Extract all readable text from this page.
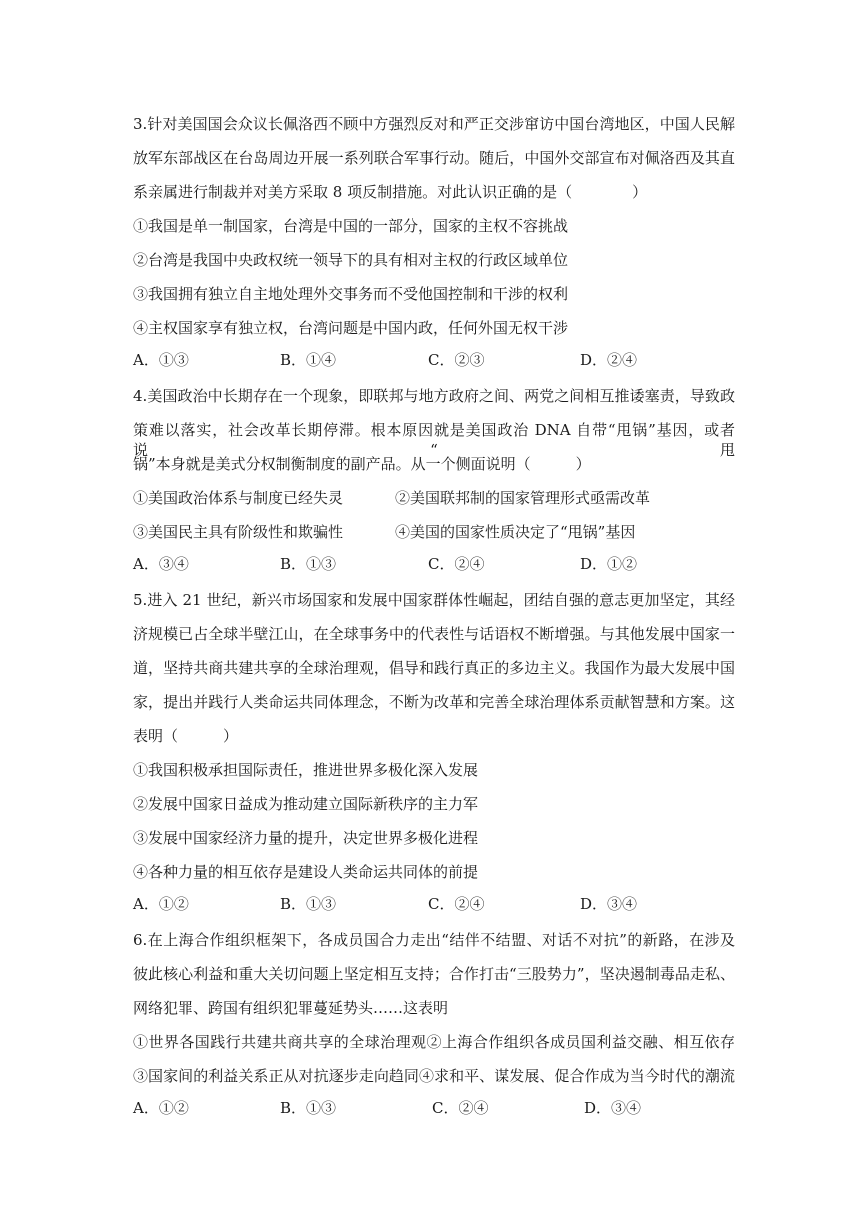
3.针对美国国会众议长佩洛西不顾中方强烈反对和严正交涉窜访中国台湾地区，中国人民解
放军东部战区在台岛周边开展一系列联合军事行动。随后，中国外交部宣布对佩洛西及其直
系亲属进行制裁并对美方采取 8 项反制措施。对此认识正确的是（　　　　）
①我国是单一制国家，台湾是中国的一部分，国家的主权不容挑战
②台湾是我国中央政权统一领导下的具有相对主权的行政区域单位
③我国拥有独立自主地处理外交事务而不受他国控制和干涉的权利
④主权国家享有独立权，台湾问题是中国内政，任何外国无权干涉
A．①③	B．①④	C．②③	D．②④
4.美国政治中长期存在一个现象，即联邦与地方政府之间、两党之间相互推诿塞责，导致政
策难以落实，社会改革长期停滞。根本原因就是美国政治 DNA 自带“甩锅”基因，或者说“甩
锅”本身就是美式分权制衡制度的副产品。从一个侧面说明（　　　）
①美国政治体系与制度已经失灵	②美国联邦制的国家管理形式亟需改革
③美国民主具有阶级性和欺骗性	④美国的国家性质决定了“甩锅”基因
A．③④	B．①③	C．②④	D．①②
5.进入 21 世纪，新兴市场国家和发展中国家群体性崛起，团结自强的意志更加坚定，其经
济规模已占全球半壁江山，在全球事务中的代表性与话语权不断增强。与其他发展中国家一
道，坚持共商共建共享的全球治理观，倡导和践行真正的多边主义。我国作为最大发展中国
家，提出并践行人类命运共同体理念，不断为改革和完善全球治理体系贡献智慧和方案。这
表明（　　　）
①我国积极承担国际责任，推进世界多极化深入发展
②发展中国家日益成为推动建立国际新秩序的主力军
③发展中国家经济力量的提升，决定世界多极化进程
④各种力量的相互依存是建设人类命运共同体的前提
A．①②	B．①③	C．②④	D．③④
6.在上海合作组织框架下，各成员国合力走出“结伴不结盟、对话不对抗”的新路，在涉及
彼此核心利益和重大关切问题上坚定相互支持；合作打击“三股势力”，坚决遏制毒品走私、
网络犯罪、跨国有组织犯罪蔓延势头……这表明
①世界各国践行共建共商共享的全球治理观②上海合作组织各成员国利益交融、相互依存
③国家间的利益关系正从对抗逐步走向趋同④求和平、谋发展、促合作成为当今时代的潮流
A．①②	B．①③	C．②④	D．③④
